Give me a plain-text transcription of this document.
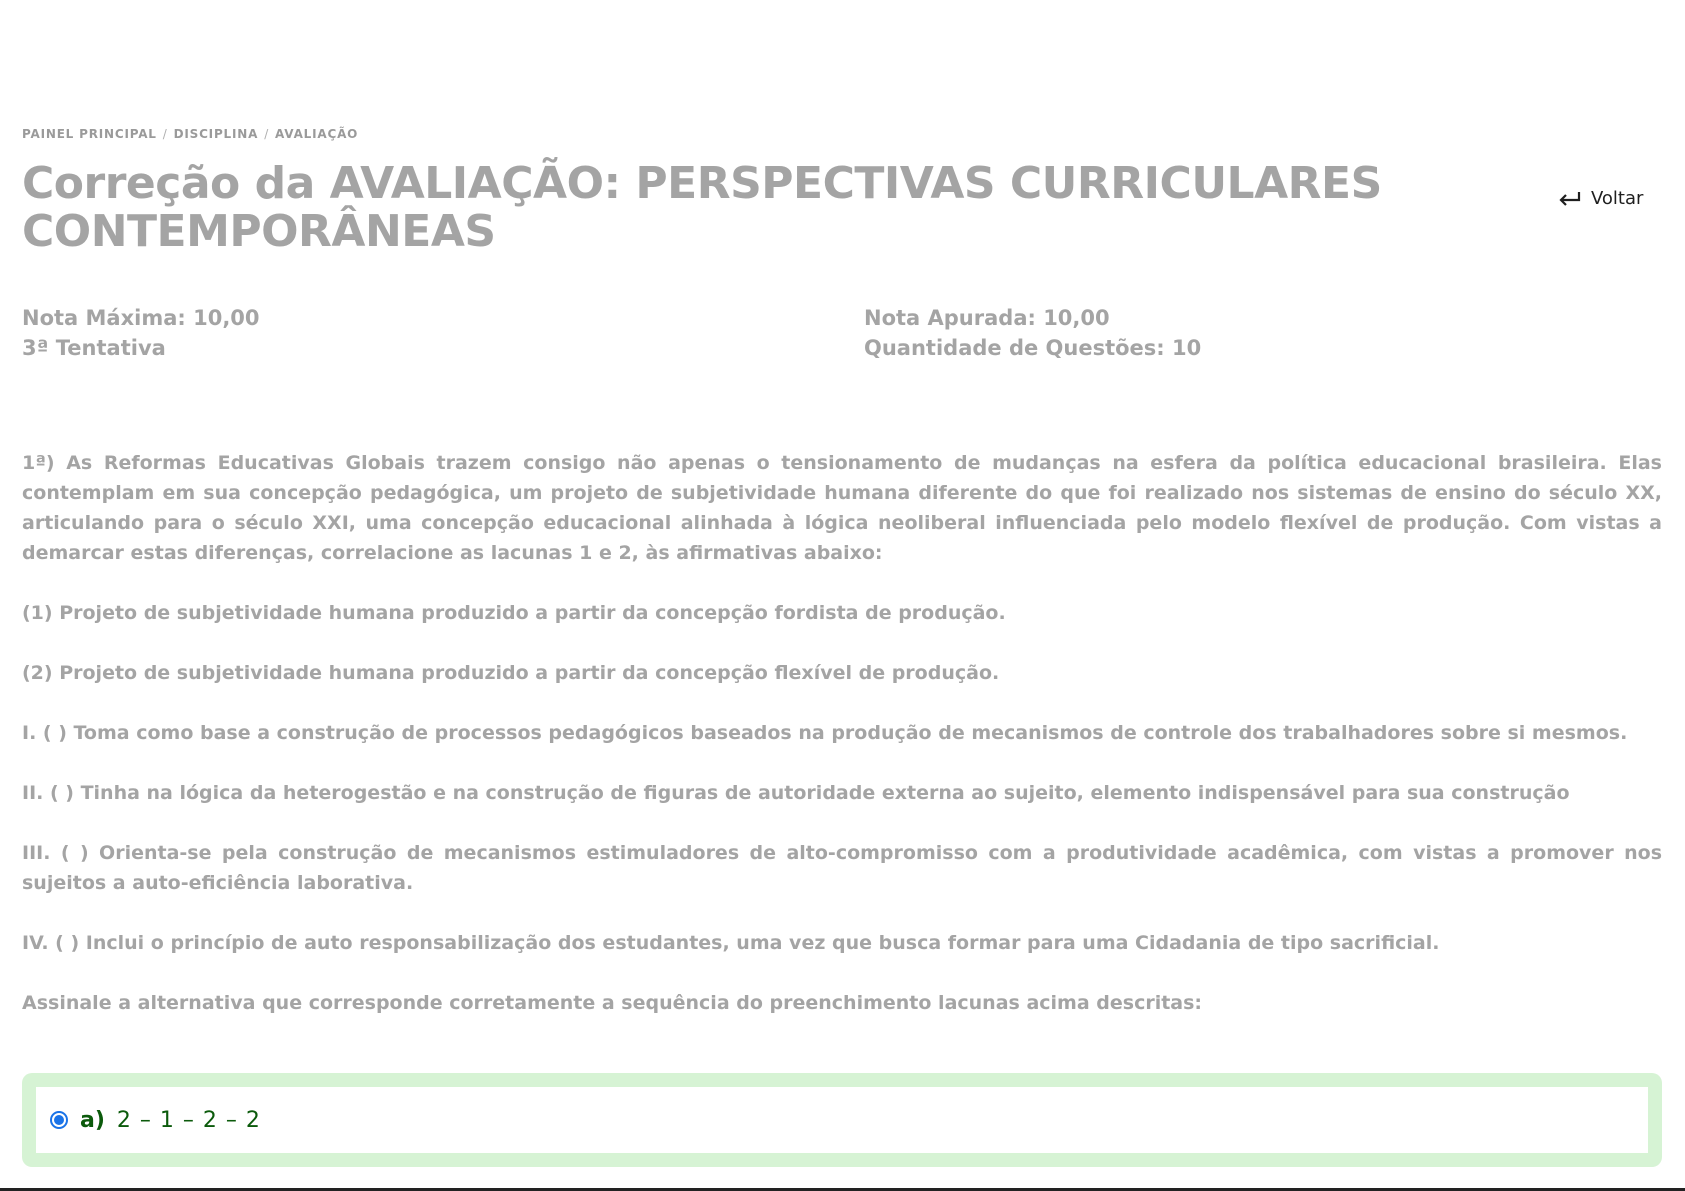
PAINEL PRINCIPAL / DISCIPLINA / AVALIAÇÃO
Correção da AVALIAÇÃO: PERSPECTIVAS CURRICULARES CONTEMPORÂNEAS
Voltar
Nota Máxima: 10,00
3ª Tentativa
Nota Apurada: 10,00
Quantidade de Questões: 10

1ª) As Reformas Educativas Globais trazem consigo não apenas o tensionamento de mudanças na esfera da política educacional brasileira. Elas contemplam em sua concepção pedagógica, um projeto de subjetividade humana diferente do que foi realizado nos sistemas de ensino do século XX, articulando para o século XXI, uma concepção educacional alinhada à lógica neoliberal influenciada pelo modelo flexível de produção. Com vistas a demarcar estas diferenças, correlacione as lacunas 1 e 2, às afirmativas abaixo:

(1) Projeto de subjetividade humana produzido a partir da concepção fordista de produção.

(2) Projeto de subjetividade humana produzido a partir da concepção flexível de produção.

I. ( ) Toma como base a construção de processos pedagógicos baseados na produção de mecanismos de controle dos trabalhadores sobre si mesmos.

II. ( ) Tinha na lógica da heterogestão e na construção de figuras de autoridade externa ao sujeito, elemento indispensável para sua construção

III. ( ) Orienta-se pela construção de mecanismos estimuladores de alto-compromisso com a produtividade acadêmica, com vistas a promover nos sujeitos a auto-eficiência laborativa.

IV. ( ) Inclui o princípio de auto responsabilização dos estudantes, uma vez que busca formar para uma Cidadania de tipo sacrificial.

Assinale a alternativa que corresponde corretamente a sequência do preenchimento lacunas acima descritas:

a) 2 – 1 – 2 – 2
